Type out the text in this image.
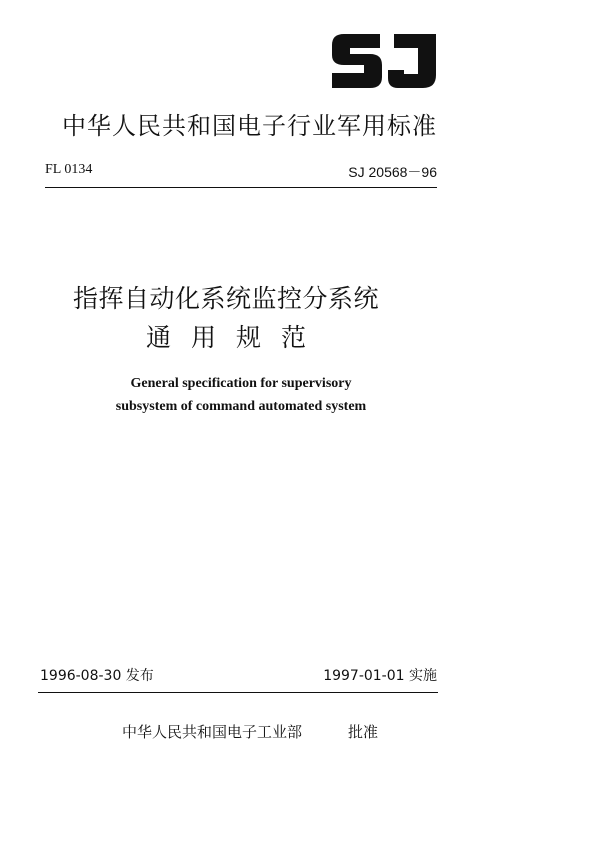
中华人民共和国电子行业军用标准
FL 0134	SJ 20568－96
指挥自动化系统监控分系统
通用规范
General specification for supervisory
subsystem of command automated system
1996-08-30 发布	1997-01-01 实施
中华人民共和国电子工业部	批准
